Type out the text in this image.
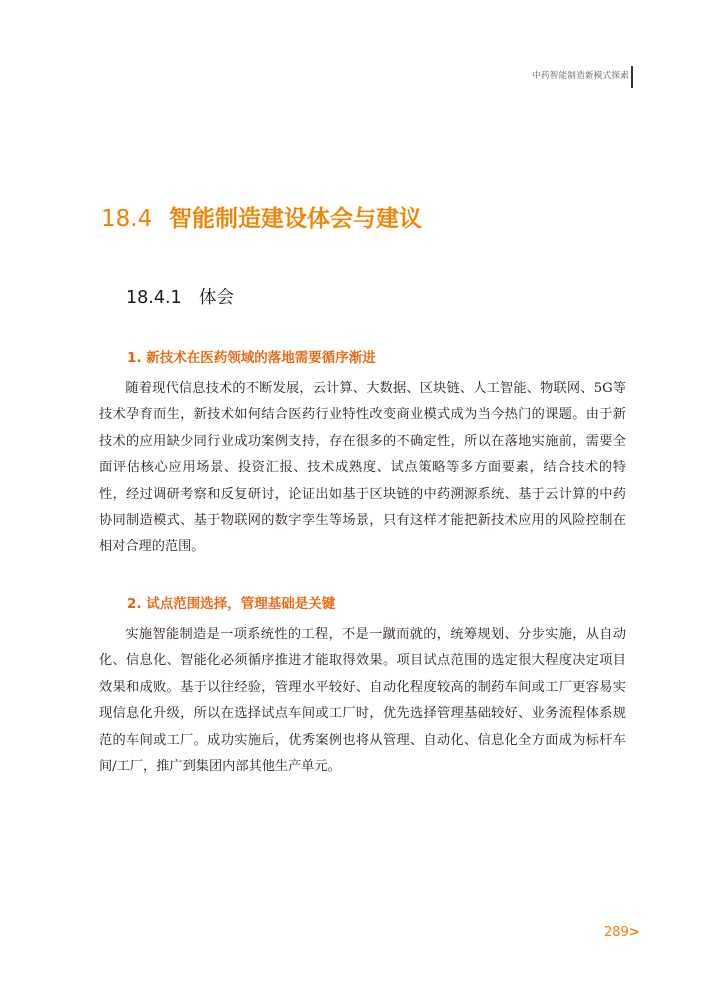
中药智能制造新模式探索
18.4 智能制造建设体会与建议
18.4.1 体会
1. 新技术在医药领域的落地需要循序渐进

随着现代信息技术的不断发展，云计算、大数据、区块链、人工智能、物联网、5G等技术孕育而生，新技术如何结合医药行业特性改变商业模式成为当今热门的课题。由于新技术的应用缺少同行业成功案例支持，存在很多的不确定性，所以在落地实施前，需要全面评估核心应用场景、投资汇报、技术成熟度、试点策略等多方面要素，结合技术的特性，经过调研考察和反复研讨，论证出如基于区块链的中药溯源系统、基于云计算的中药协同制造模式、基于物联网的数字孪生等场景，只有这样才能把新技术应用的风险控制在相对合理的范围。

2. 试点范围选择，管理基础是关键

实施智能制造是一项系统性的工程，不是一蹴而就的，统筹规划、分步实施，从自动化、信息化、智能化必须循序推进才能取得效果。项目试点范围的选定很大程度决定项目效果和成败。基于以往经验，管理水平较好、自动化程度较高的制药车间或工厂更容易实现信息化升级，所以在选择试点车间或工厂时，优先选择管理基础较好、业务流程体系规范的车间或工厂。成功实施后，优秀案例也将从管理、自动化、信息化全方面成为标杆车间/工厂，推广到集团内部其他生产单元。

289>
